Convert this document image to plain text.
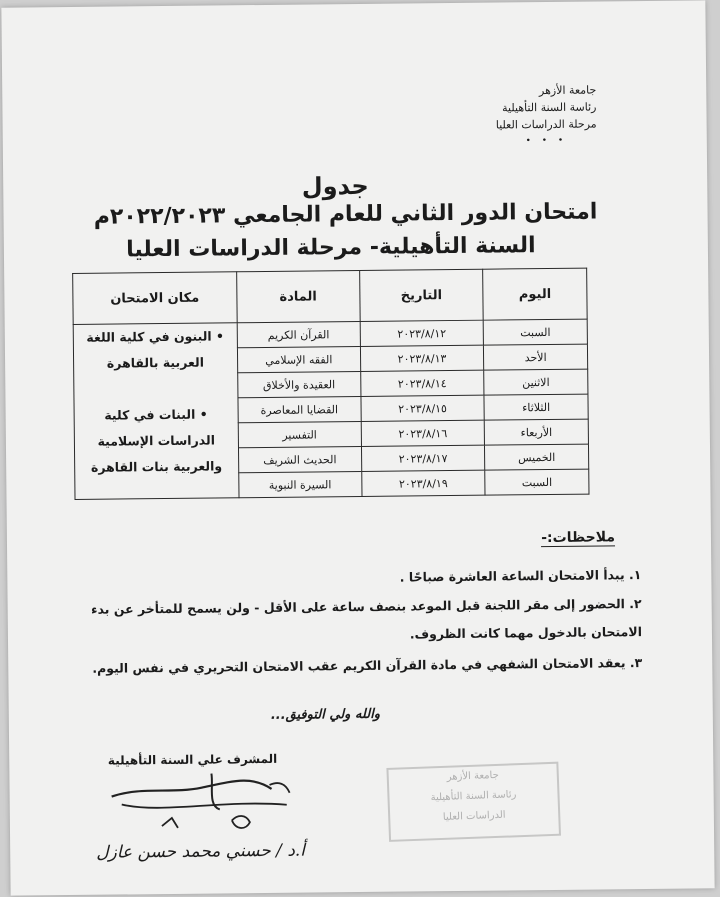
جامعة الأزهر
رئاسة السنة التأهيلية
مرحلة الدراسات العليا
• • •
جدول
امتحان الدور الثاني للعام الجامعي ٢٠٢٢/٢٠٢٣م
السنة التأهيلية- مرحلة الدراسات العليا
اليوم	التاريخ	المادة	مكان الامتحان
السبت	٢٠٢٣/٨/١٢	القرآن الكريم	• البنون في كلية اللغة العربية بالقاهرة
• البنات في كلية الدراسات الإسلامية والعربية بنات القاهرة

الأحد	٢٠٢٣/٨/١٣	الفقه الإسلامي	
الاثنين	٢٠٢٣/٨/١٤	العقيدة والأخلاق	
الثلاثاء	٢٠٢٣/٨/١٥	القضايا المعاصرة	
الأربعاء	٢٠٢٣/٨/١٦	التفسير	
الخميس	٢٠٢٣/٨/١٧	الحديث الشريف	
السبت	٢٠٢٣/٨/١٩	السيرة النبوية	
ملاحظات:-
١. يبدأ الامتحان الساعة العاشرة صباحًا .
٢. الحضور إلى مقر اللجنة قبل الموعد بنصف ساعة على الأقل - ولن يسمح للمتأخر عن بدء الامتحان بالدخول مهما كانت الظروف.
٣. يعقد الامتحان الشفهي في مادة القرآن الكريم عقب الامتحان التحريري في نفس اليوم.
والله ولي التوفيق...
المشرف علي السنة التأهيلية
أ.د / حسني محمد حسن عازل
جامعة الأزهر
رئاسة السنة التأهيلية
الدراسات العليا
